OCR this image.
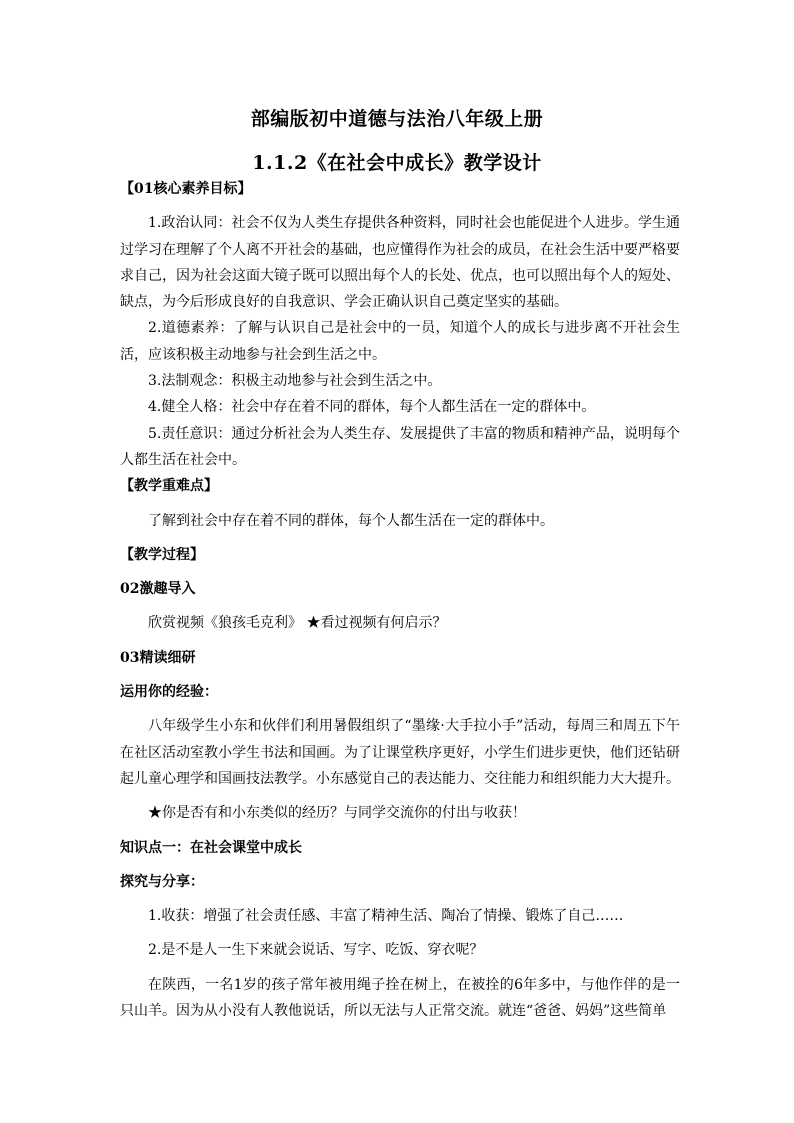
部编版初中道德与法治八年级上册
1.1.2《在社会中成长》教学设计

【01核心素养目标】

1.政治认同：社会不仅为人类生存提供各种资料，同时社会也能促进个人进步。学生通过学习在理解了个人离不开社会的基础，也应懂得作为社会的成员，在社会生活中要严格要求自己，因为社会这面大镜子既可以照出每个人的长处、优点，也可以照出每个人的短处、缺点，为今后形成良好的自我意识、学会正确认识自己奠定坚实的基础。

2.道德素养：了解与认识自己是社会中的一员，知道个人的成长与进步离不开社会生活，应该积极主动地参与社会到生活之中。

3.法制观念：积极主动地参与社会到生活之中。

4.健全人格：社会中存在着不同的群体，每个人都生活在一定的群体中。

5.责任意识：通过分析社会为人类生存、发展提供了丰富的物质和精神产品，说明每个人都生活在社会中。

【教学重难点】

了解到社会中存在着不同的群体，每个人都生活在一定的群体中。

【教学过程】

02激趣导入

欣赏视频《狼孩毛克利》 ★看过视频有何启示？

03精读细研

运用你的经验：

八年级学生小东和伙伴们利用暑假组织了“墨缘·大手拉小手”活动，每周三和周五下午在社区活动室教小学生书法和国画。为了让课堂秩序更好，小学生们进步更快，他们还钻研起儿童心理学和国画技法教学。小东感觉自己的表达能力、交往能力和组织能力大大提升。

★你是否有和小东类似的经历？与同学交流你的付出与收获！

知识点一：在社会课堂中成长

探究与分享：

1.收获：增强了社会责任感、丰富了精神生活、陶冶了情操、锻炼了自己……

2.是不是人一生下来就会说话、写字、吃饭、穿衣呢？

在陕西，一名1岁的孩子常年被用绳子拴在树上，在被拴的6年多中，与他作伴的是一只山羊。因为从小没有人教他说话，所以无法与人正常交流。就连“爸爸、妈妈”这些简单
